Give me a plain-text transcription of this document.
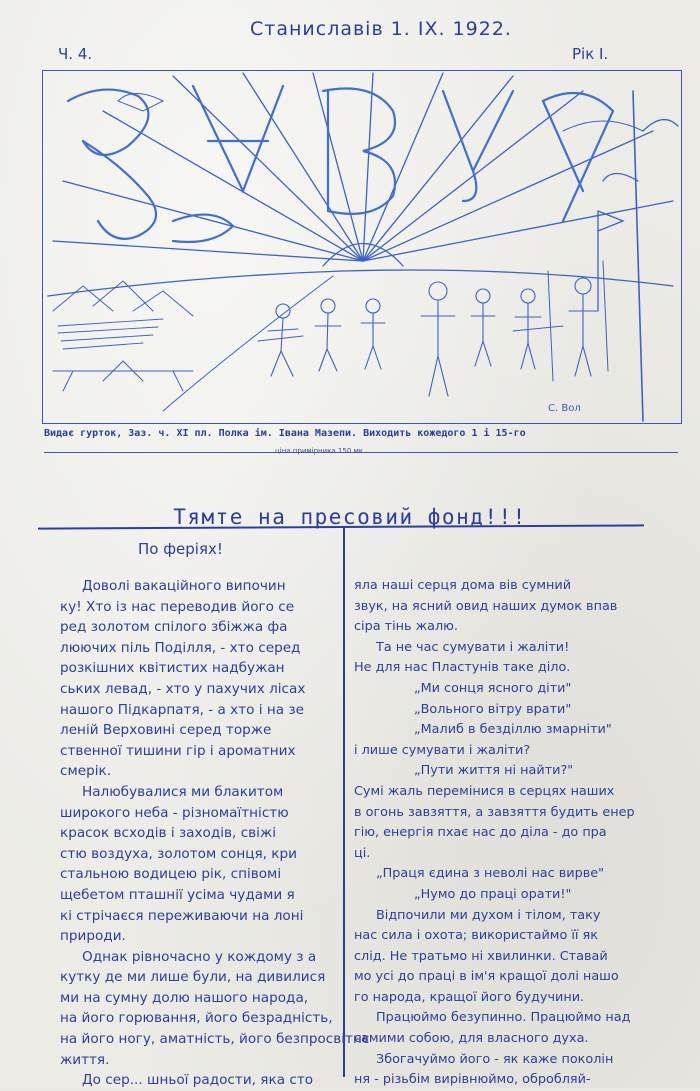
Станиславів 1. IX. 1922.
Ч. 4.	Рік I.
С. Вол
Видає гурток, Заз. ч. XI пл. Полка ім. Івана Мазепи. Виходить кожедого 1 і 15-го
ціна примірника 150 мк.
Тямте на пресовий фонд!!!
По феріях!
Доволі вакаційного випочин
ку! Хто із нас переводив його се
ред золотом спілого збіжжа фа
люючих піль Поділля, - хто серед
розкішних квітистих надбужан
ських левад, - хто у пахучих лісах
нашого Підкарпатя, - а хто і на зе
леній Верховині серед торже
ственної тишини гір і ароматних
смерік.
Налюбувалися ми блакитом
широкого неба - різномаїтністю
красок всходів і заходів, свіжі
стю воздуха, золотом сонця, кри
стальною водицею рік, співомі
щебетом пташнії усіма чудами я
кі стрічаєся переживаючи на лоні
природи.
Однак рівночасно у кождому з а
кутку де ми лише були, на дивилися
ми на сумну долю нашого народа,
на його горювання, його безрадність,
на його ногу, аматність, його безпросвітнє
життя.
До сер... шньої радости, яка сто
яла наші серця дома вів сумний
звук, на ясний овид наших думок впав
сіра тінь жалю.
Та не час сумувати і жаліти!
Не для нас Пластунів таке діло.
„Ми сонця ясного діти"
„Вольного вітру врати"
„Малиб в безділлю змарніти"
і лише сумувати і жаліти?
„Пути життя ні найти?"
Сумі жаль перемінися в серцях наших
в огонь завзяття, а завзяття будить енер
гію, енергія пхає нас до діла - до пра
ці.
„Праця єдина з неволі нас вирве"
„Нумо до праці орати!"
Відпочили ми духом і тілом, таку
нас сила і охота; використаймо її як
слід. Не тратьмо ні хвилинки. Ставай
мо усі до праці в ім'я кращої долі нашо
го народа, кращої його будучини.
Працюймо безупинно. Працюймо над
самими собою, для власного духа.
Збогачуймо його - як каже поколін
ня - різьбім вирівнюймо, обробляй-
